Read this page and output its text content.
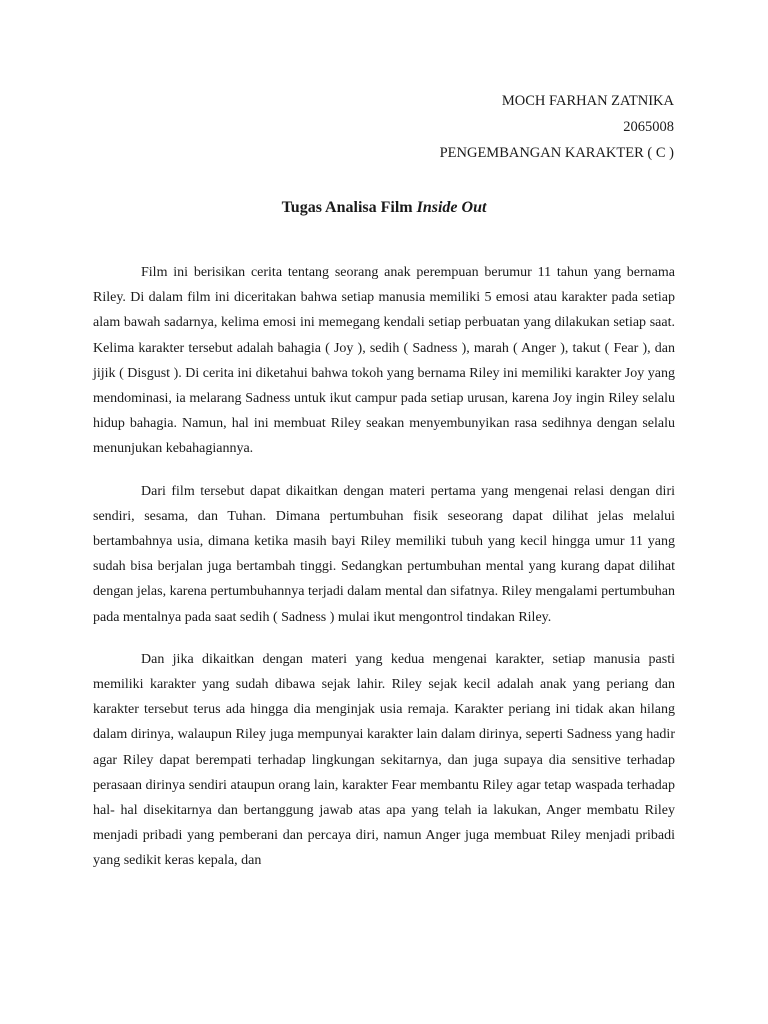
MOCH FARHAN ZATNIKA
2065008
PENGEMBANGAN KARAKTER ( C )
Tugas Analisa Film Inside Out

Film ini berisikan cerita tentang seorang anak perempuan berumur 11 tahun yang bernama Riley. Di dalam film ini diceritakan bahwa setiap manusia memiliki 5 emosi atau karakter pada setiap alam bawah sadarnya, kelima emosi ini memegang kendali setiap perbuatan yang dilakukan setiap saat. Kelima karakter tersebut adalah bahagia ( Joy ), sedih ( Sadness ), marah ( Anger ), takut ( Fear ), dan jijik ( Disgust ). Di cerita ini diketahui bahwa tokoh yang bernama Riley ini memiliki karakter Joy yang mendominasi, ia melarang Sadness untuk ikut campur pada setiap urusan, karena Joy ingin Riley selalu hidup bahagia. Namun, hal ini membuat Riley seakan menyembunyikan rasa sedihnya dengan selalu menunjukan kebahagiannya.

Dari film tersebut dapat dikaitkan dengan materi pertama yang mengenai relasi dengan diri sendiri, sesama, dan Tuhan. Dimana pertumbuhan fisik seseorang dapat dilihat jelas melalui bertambahnya usia, dimana ketika masih bayi Riley memiliki tubuh yang kecil hingga umur 11 yang sudah bisa berjalan juga bertambah tinggi. Sedangkan pertumbuhan mental yang kurang dapat dilihat dengan jelas, karena pertumbuhannya terjadi dalam mental dan sifatnya. Riley mengalami pertumbuhan pada mentalnya pada saat sedih ( Sadness ) mulai ikut mengontrol tindakan Riley.

Dan jika dikaitkan dengan materi yang kedua mengenai karakter, setiap manusia pasti memiliki karakter yang sudah dibawa sejak lahir. Riley sejak kecil adalah anak yang periang dan karakter tersebut terus ada hingga dia menginjak usia remaja. Karakter periang ini tidak akan hilang dalam dirinya, walaupun Riley juga mempunyai karakter lain dalam dirinya, seperti Sadness yang hadir agar Riley dapat berempati terhadap lingkungan sekitarnya, dan juga supaya dia sensitive terhadap perasaan dirinya sendiri ataupun orang lain, karakter Fear membantu Riley agar tetap waspada terhadap hal- hal disekitarnya dan bertanggung jawab atas apa yang telah ia lakukan, Anger membatu Riley menjadi pribadi yang pemberani dan percaya diri, namun Anger juga membuat Riley menjadi pribadi yang sedikit keras kepala, dan
